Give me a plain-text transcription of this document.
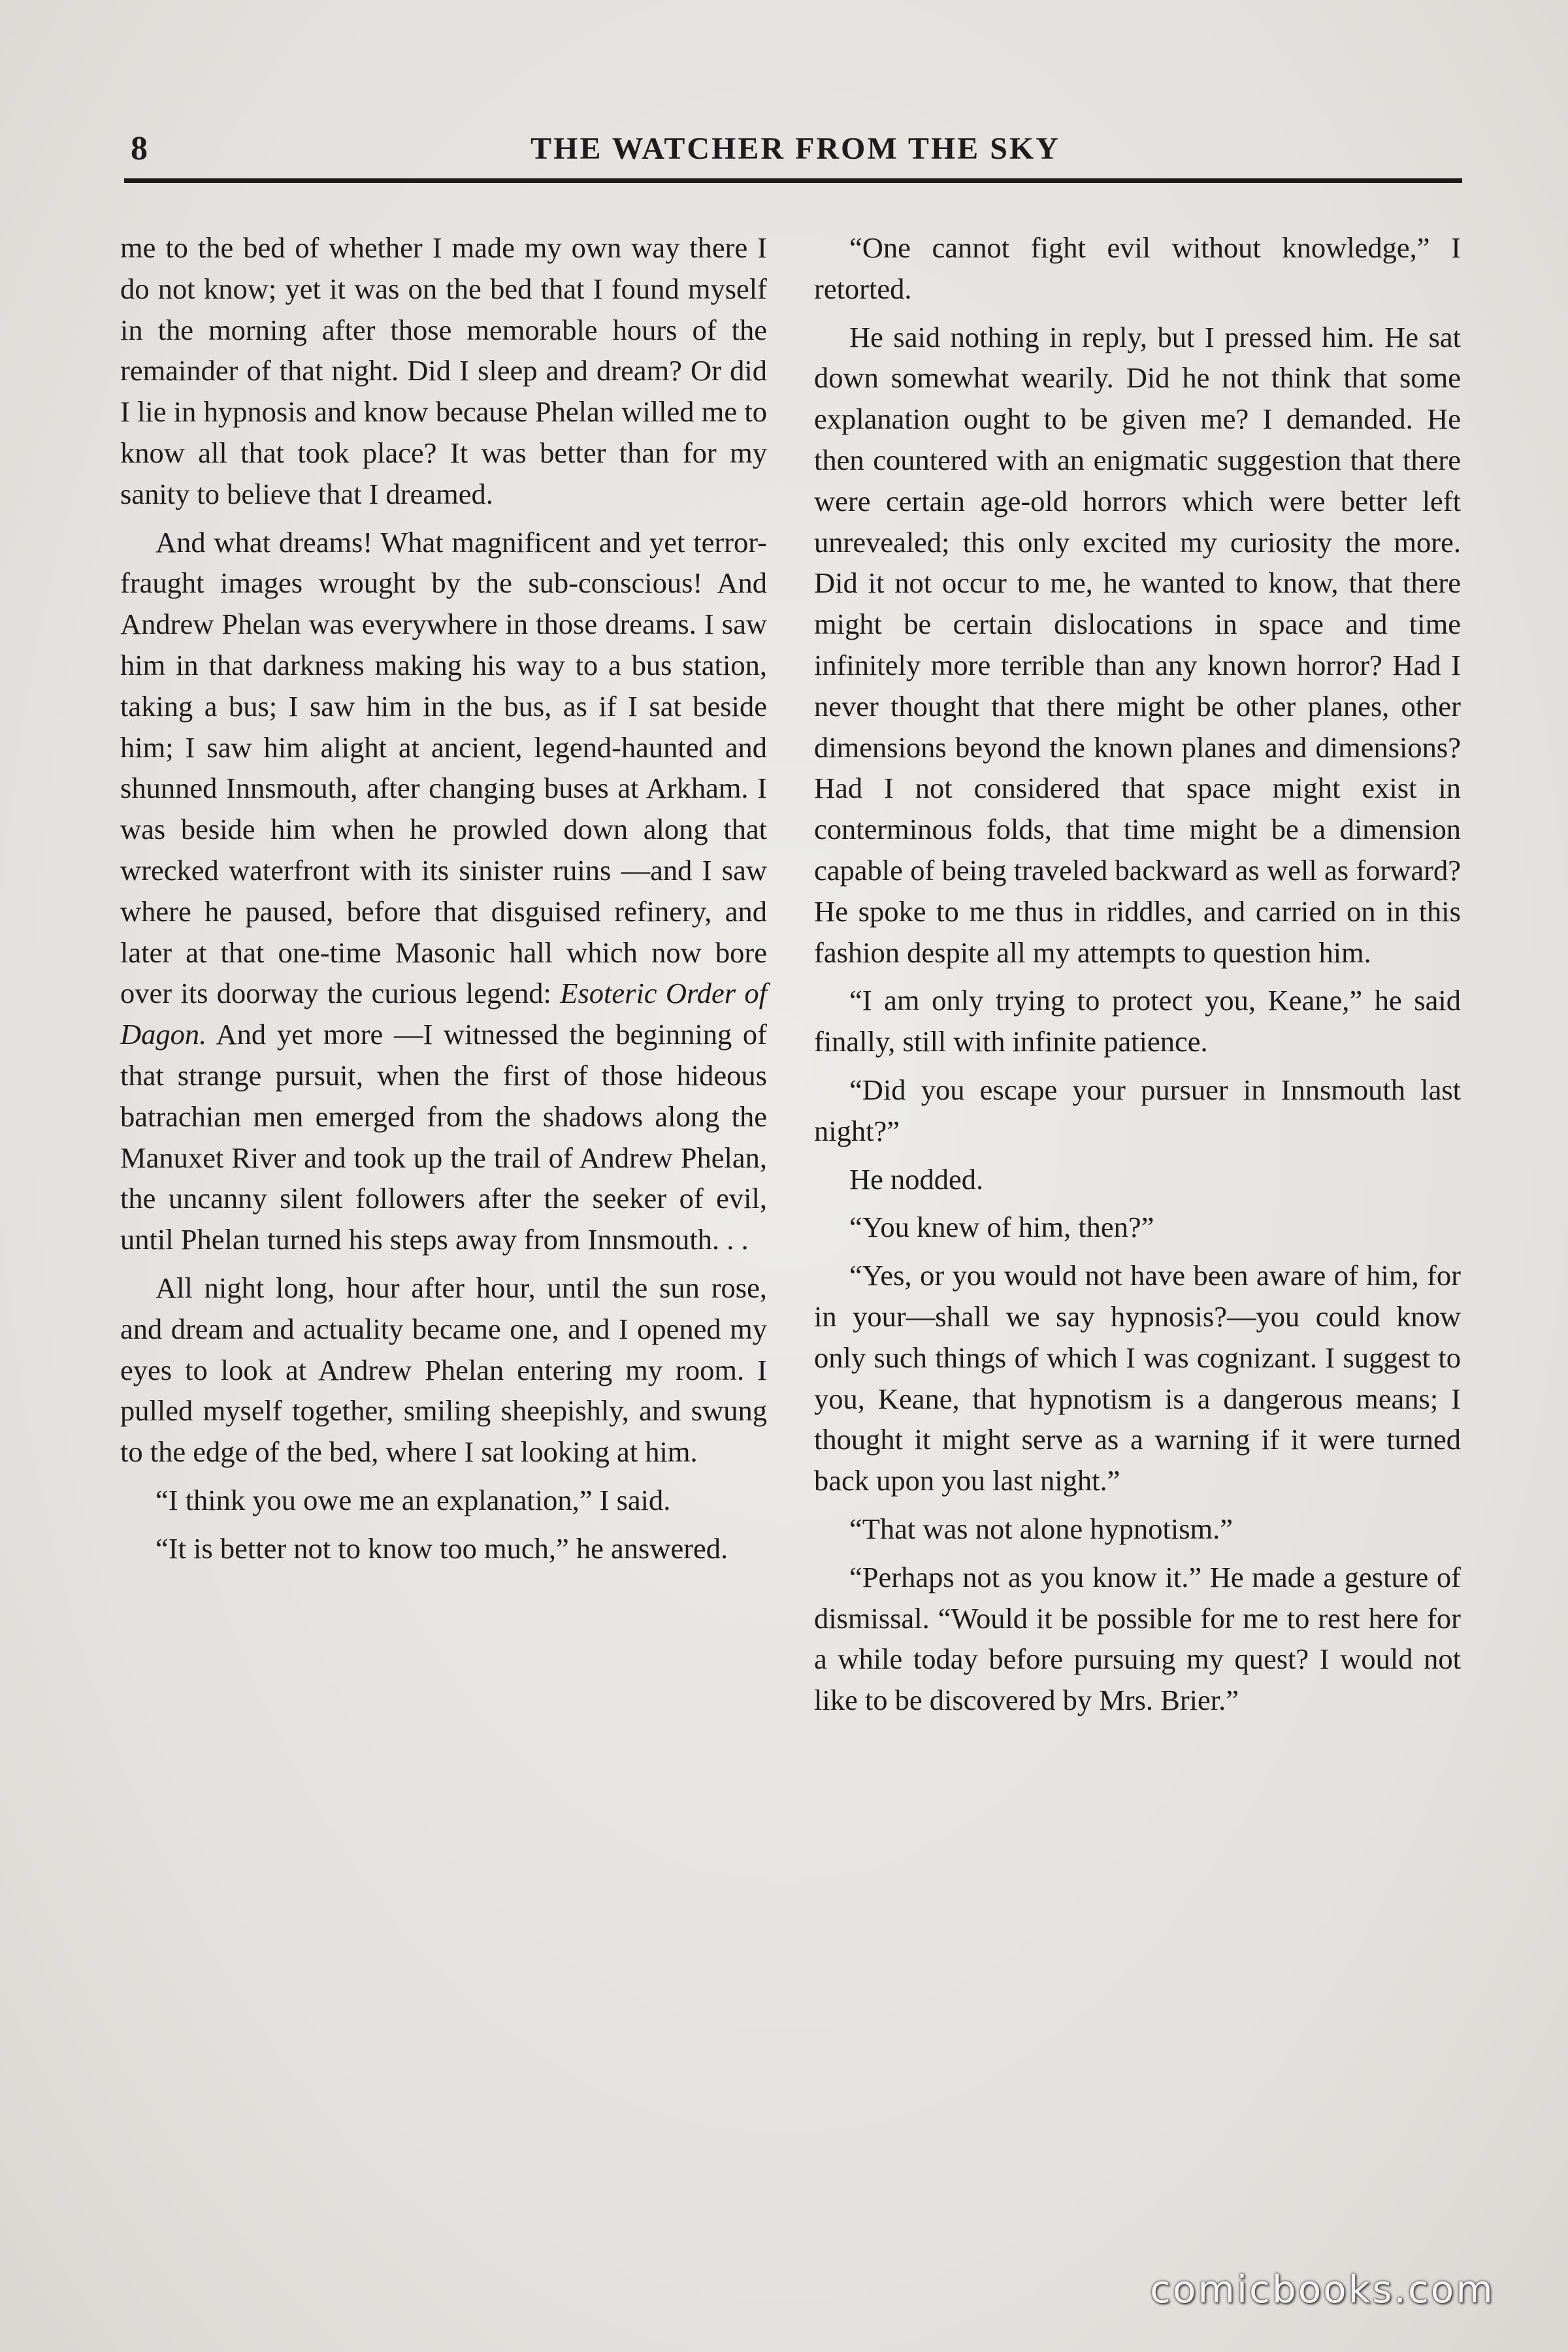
8	THE WATCHER FROM THE SKY

me to the bed of whether I made my own way there I do not know; yet it was on the bed that I found myself in the morning after those memorable hours of the remainder of that night. Did I sleep and dream? Or did I lie in hypnosis and know because Phelan willed me to know all that took place? It was better than for my sanity to believe that I dreamed.

And what dreams! What magnificent and yet terror-fraught images wrought by the sub-conscious! And Andrew Phelan was everywhere in those dreams. I saw him in that darkness making his way to a bus station, taking a bus; I saw him in the bus, as if I sat beside him; I saw him alight at ancient, legend-haunted and shunned Innsmouth, after changing buses at Arkham. I was beside him when he prowled down along that wrecked waterfront with its sinister ruins —and I saw where he paused, before that disguised refinery, and later at that one-time Masonic hall which now bore over its doorway the curious legend: Esoteric Order of Dagon. And yet more —I witnessed the beginning of that strange pursuit, when the first of those hideous batrachian men emerged from the shadows along the Manuxet River and took up the trail of Andrew Phelan, the uncanny silent followers after the seeker of evil, until Phelan turned his steps away from Innsmouth. . .

All night long, hour after hour, until the sun rose, and dream and actuality became one, and I opened my eyes to look at Andrew Phelan entering my room. I pulled myself together, smiling sheepishly, and swung to the edge of the bed, where I sat looking at him.

“I think you owe me an explanation,” I said.

“It is better not to know too much,” he answered.

“One cannot fight evil without knowledge,” I retorted.

He said nothing in reply, but I pressed him. He sat down somewhat wearily. Did he not think that some explanation ought to be given me? I demanded. He then countered with an enigmatic suggestion that there were certain age-old horrors which were better left unrevealed; this only excited my curiosity the more. Did it not occur to me, he wanted to know, that there might be certain dislocations in space and time infinitely more terrible than any known horror? Had I never thought that there might be other planes, other dimensions beyond the known planes and dimensions? Had I not considered that space might exist in conterminous folds, that time might be a dimension capable of being traveled backward as well as forward? He spoke to me thus in riddles, and carried on in this fashion despite all my attempts to question him.

“I am only trying to protect you, Keane,” he said finally, still with infinite patience.

“Did you escape your pursuer in Innsmouth last night?”

He nodded.

“You knew of him, then?”

“Yes, or you would not have been aware of him, for in your—shall we say hypnosis?—you could know only such things of which I was cognizant. I suggest to you, Keane, that hypnotism is a dangerous means; I thought it might serve as a warning if it were turned back upon you last night.”

“That was not alone hypnotism.”

“Perhaps not as you know it.” He made a gesture of dismissal. “Would it be possible for me to rest here for a while today before pursuing my quest? I would not like to be discovered by Mrs. Brier.”

comicbooks.com
